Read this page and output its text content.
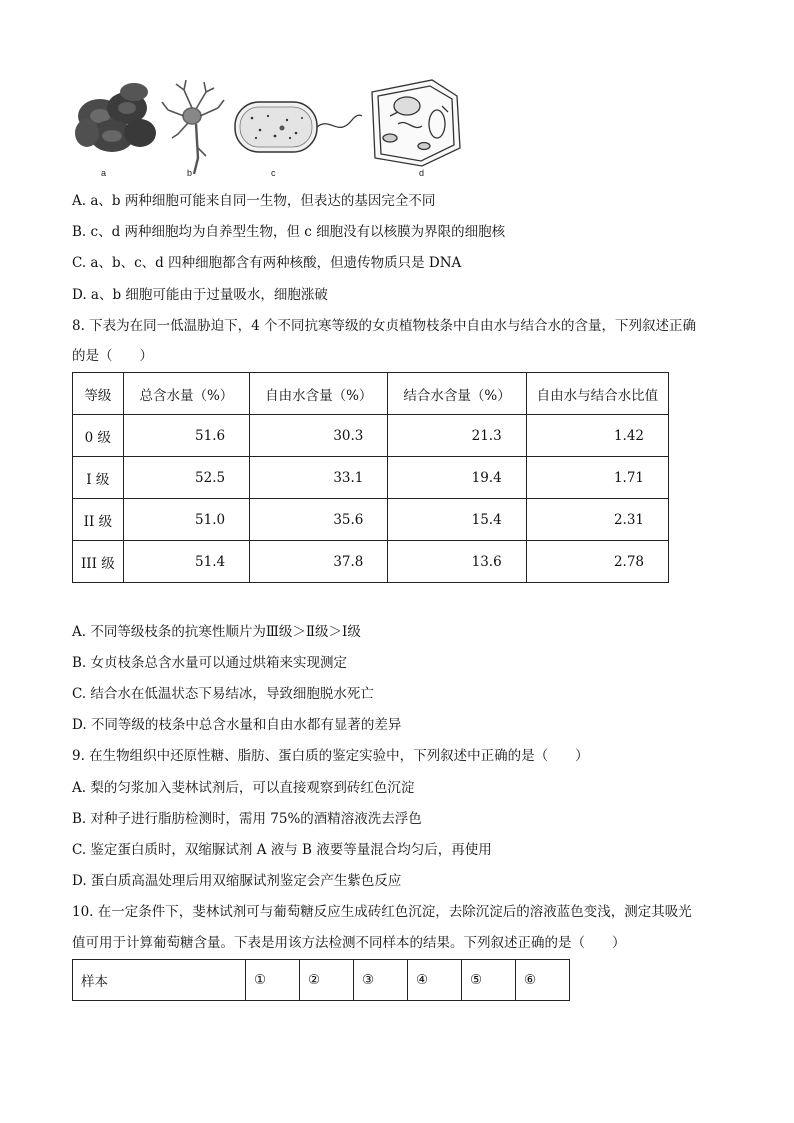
a	b	c	d
A. a、b 两种细胞可能来自同一生物，但表达的基因完全不同
B. c、d 两种细胞均为自养型生物，但 c 细胞没有以核膜为界限的细胞核
C. a、b、c、d 四种细胞都含有两种核酸，但遗传物质只是 DNA
D. a、b 细胞可能由于过量吸水，细胞涨破
8. 下表为在同一低温胁迫下，4 个不同抗寒等级的女贞植物枝条中自由水与结合水的含量，下列叙述正确
的是（　　）
等级	总含水量（%）	自由水含量（%）	结合水含量（%）	自由水与结合水比值
0 级	51.6	30.3	21.3	1.42
I 级	52.5	33.1	19.4	1.71
II 级	51.0	35.6	15.4	2.31
III 级	51.4	37.8	13.6	2.78
A. 不同等级枝条的抗寒性顺片为Ⅲ级＞Ⅱ级＞Ⅰ级
B. 女贞枝条总含水量可以通过烘箱来实现测定
C. 结合水在低温状态下易结冰，导致细胞脱水死亡
D. 不同等级的枝条中总含水量和自由水都有显著的差异
9. 在生物组织中还原性糖、脂肪、蛋白质的鉴定实验中，下列叙述中正确的是（　　）
A. 梨的匀浆加入斐林试剂后，可以直接观察到砖红色沉淀
B. 对种子进行脂肪检测时，需用 75%的酒精溶液洗去浮色
C. 鉴定蛋白质时，双缩脲试剂 A 液与 B 液要等量混合均匀后，再使用
D. 蛋白质高温处理后用双缩脲试剂鉴定会产生紫色反应
10. 在一定条件下，斐林试剂可与葡萄糖反应生成砖红色沉淀，去除沉淀后的溶液蓝色变浅，测定其吸光
值可用于计算葡萄糖含量。下表是用该方法检测不同样本的结果。下列叙述正确的是（　　）
样本	①	②	③	④	⑤	⑥
